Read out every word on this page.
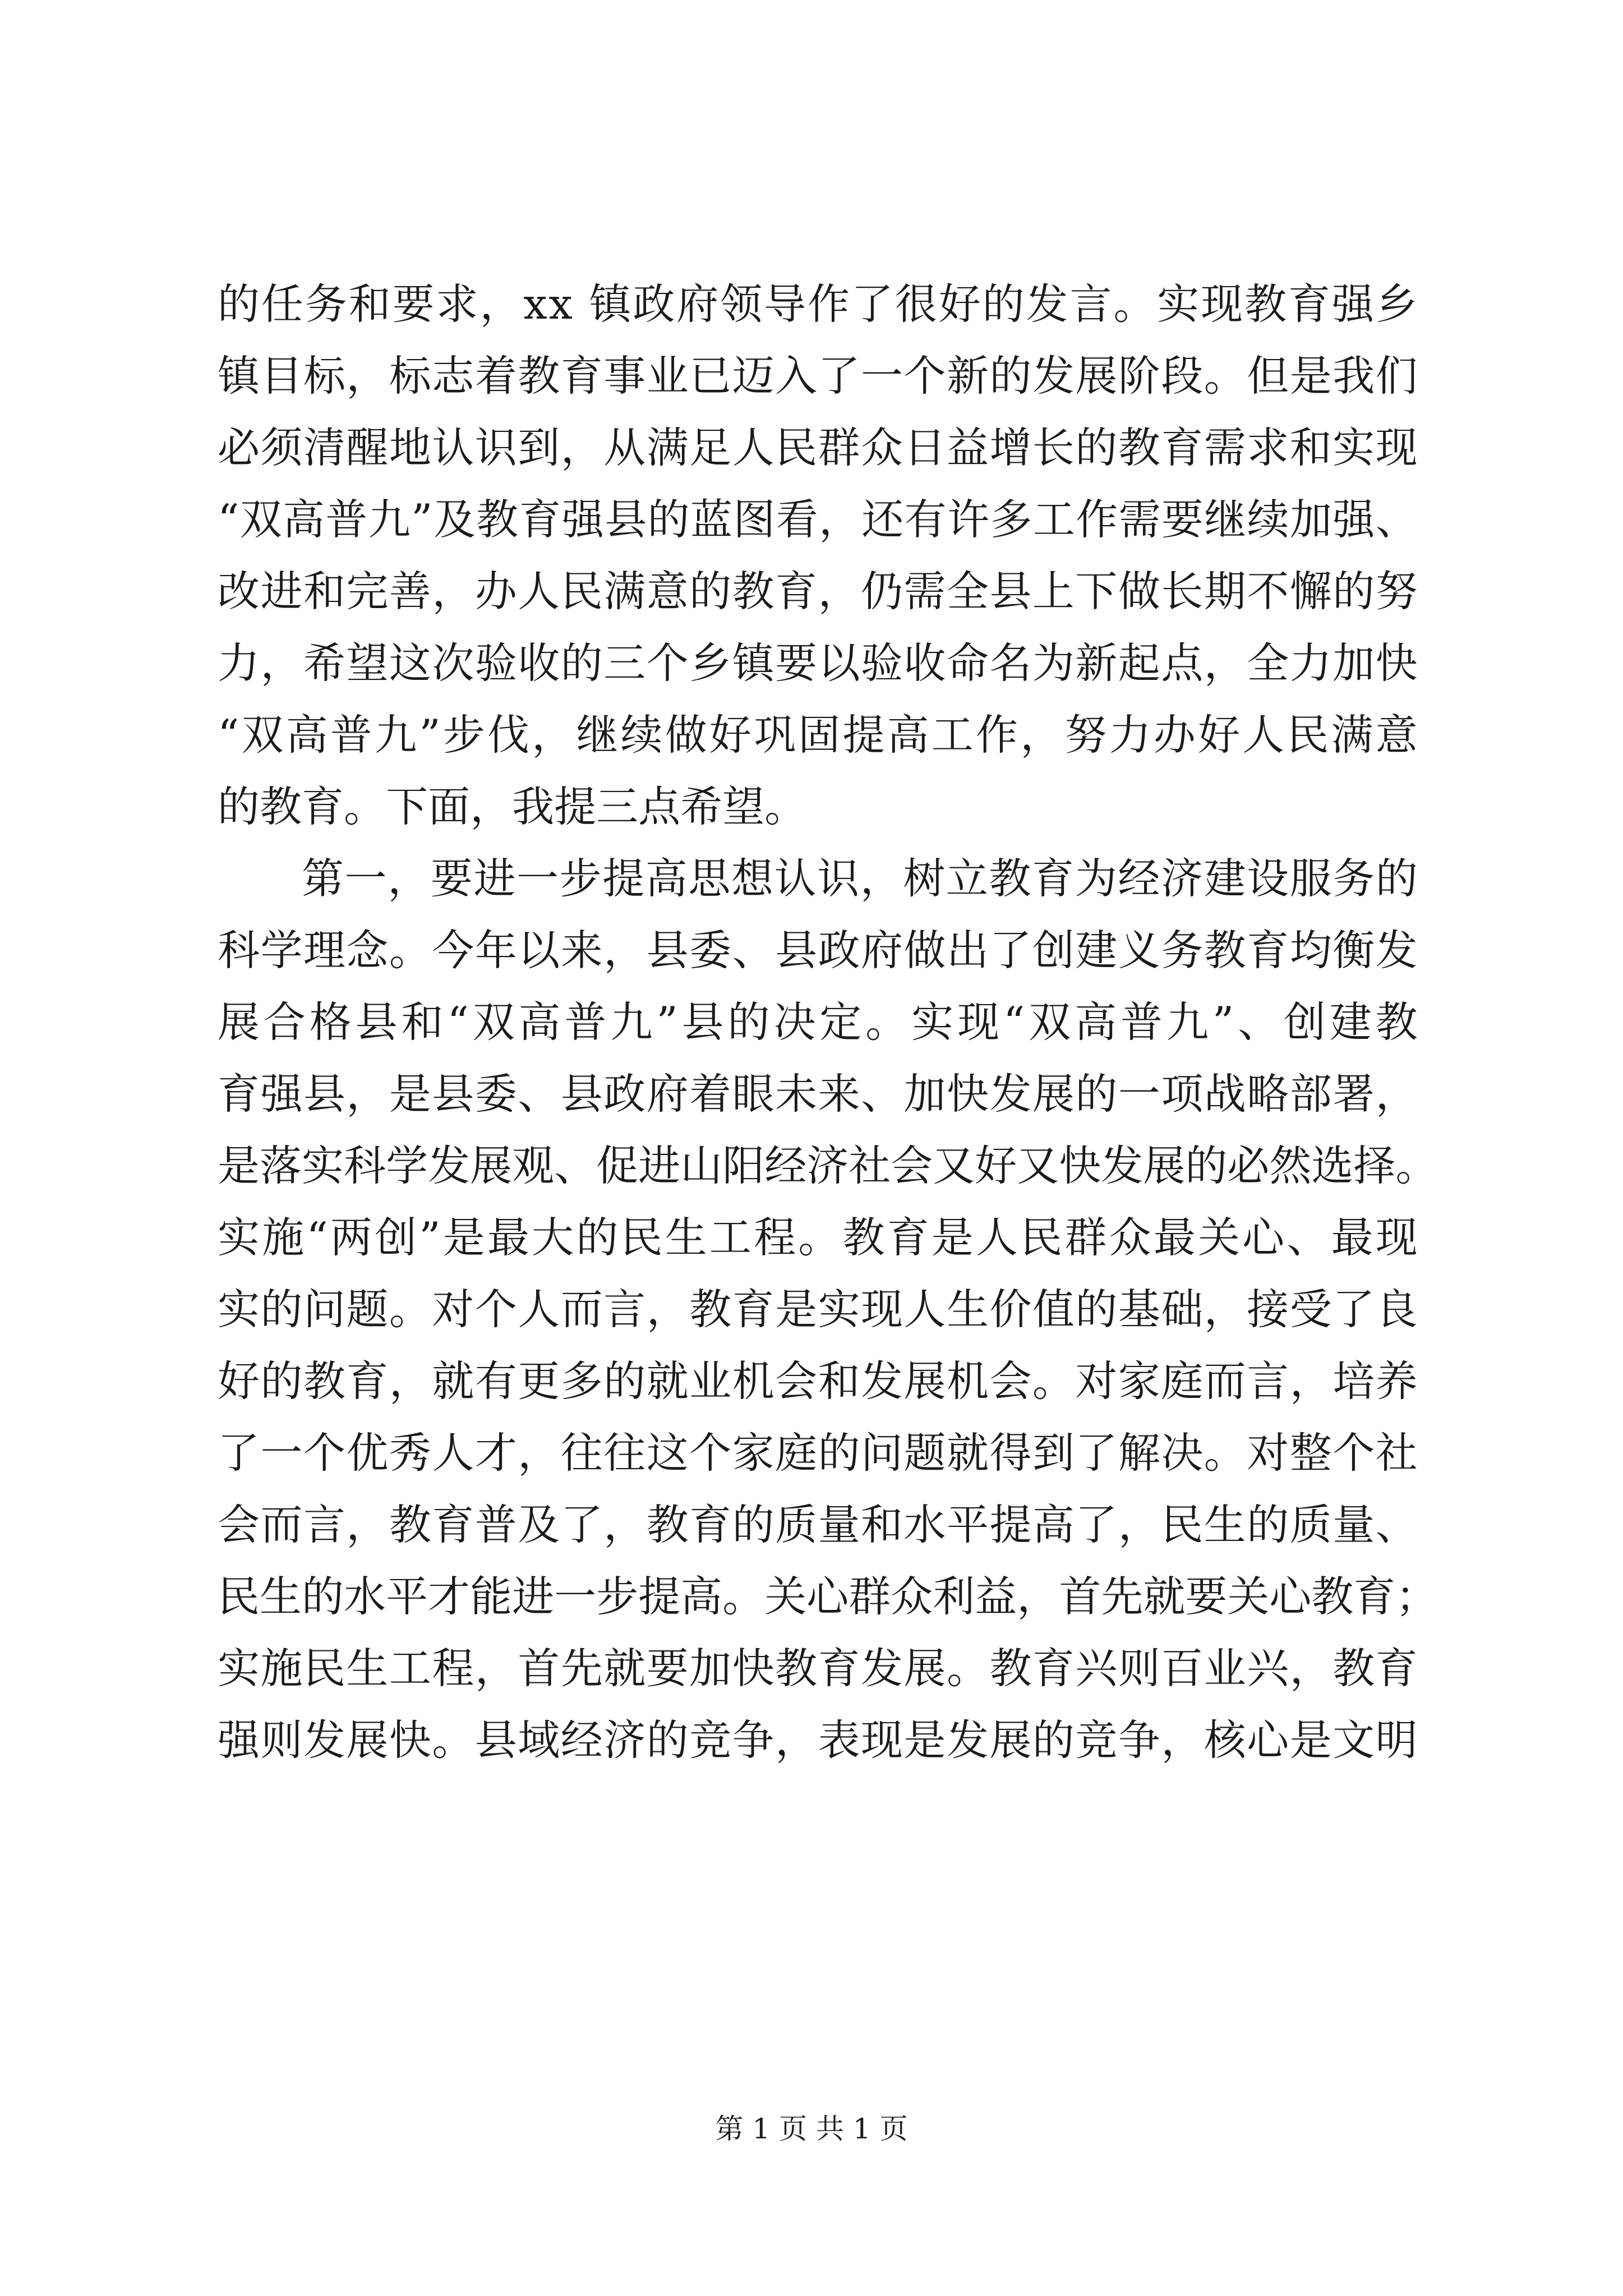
的 任 务 和 要 求 ， x x
镇 政 府 领 导 作 了 很 好 的 发 言 。 实 现 教 育 强 乡
镇 目 标 ， 标 志 着 教 育 事 业 已 迈 入 了 一 个 新 的 发 展 阶 段 。 但 是 我 们
必 须 清 醒 地 认 识 到 ， 从 满 足 人 民 群 众 日 益 增 长 的 教 育 需 求 和 实 现
“ 双 高 普 九 ” 及 教 育 强 县 的 蓝 图 看 ， 还 有 许 多 工 作 需 要 继 续 加 强 、
改 进 和 完 善 ， 办 人 民 满 意 的 教 育 ， 仍 需 全 县 上 下 做 长 期 不 懈 的 努
力 ， 希 望 这 次 验 收 的 三 个 乡 镇 要 以 验 收 命 名 为 新 起 点 ， 全 力 加 快
“ 双 高 普 九 ” 步 伐 ， 继 续 做 好 巩 固 提 高 工 作 ， 努 力 办 好 人 民 满 意
的 教 育 。 下 面 ， 我 提 三 点 希 望 。
第 一 ， 要 进 一 步 提 高 思 想 认 识 ， 树 立 教 育 为 经 济 建 设 服 务 的
科 学 理 念 。 今 年 以 来 ， 县 委 、 县 政 府 做 出 了 创 建 义 务 教 育 均 衡 发
展 合 格 县 和 “ 双 高 普 九 ” 县 的 决 定 。 实 现 “ 双 高 普 九 ” 、 创 建 教
育 强 县 ， 是 县 委 、 县 政 府 着 眼 未 来 、 加 快 发 展 的 一 项 战 略 部 署 ，
是 落 实 科 学 发 展 观 、 促 进 山 阳 经 济 社 会 又 好 又 快 发 展 的 必 然 选 择 。
实 施 “ 两 创 ” 是 最 大 的 民 生 工 程 。 教 育 是 人 民 群 众 最 关 心 、 最 现
实 的 问 题 。 对 个 人 而 言 ， 教 育 是 实 现 人 生 价 值 的 基 础 ， 接 受 了 良
好 的 教 育 ， 就 有 更 多 的 就 业 机 会 和 发 展 机 会 。 对 家 庭 而 言 ， 培 养
了 一 个 优 秀 人 才 ， 往 往 这 个 家 庭 的 问 题 就 得 到 了 解 决 。 对 整 个 社
会 而 言 ， 教 育 普 及 了 ， 教 育 的 质 量 和 水 平 提 高 了 ， 民 生 的 质 量 、
民 生 的 水 平 才 能 进 一 步 提 高 。 关 心 群 众 利 益 ， 首 先 就 要 关 心 教 育 ；
实 施 民 生 工 程 ， 首 先 就 要 加 快 教 育 发 展 。 教 育 兴 则 百 业 兴 ， 教 育
强 则 发 展 快 。 县 域 经 济 的 竞 争 ， 表 现 是 发 展 的 竞 争 ， 核 心 是 文 明
第 1 页 共 1 页
